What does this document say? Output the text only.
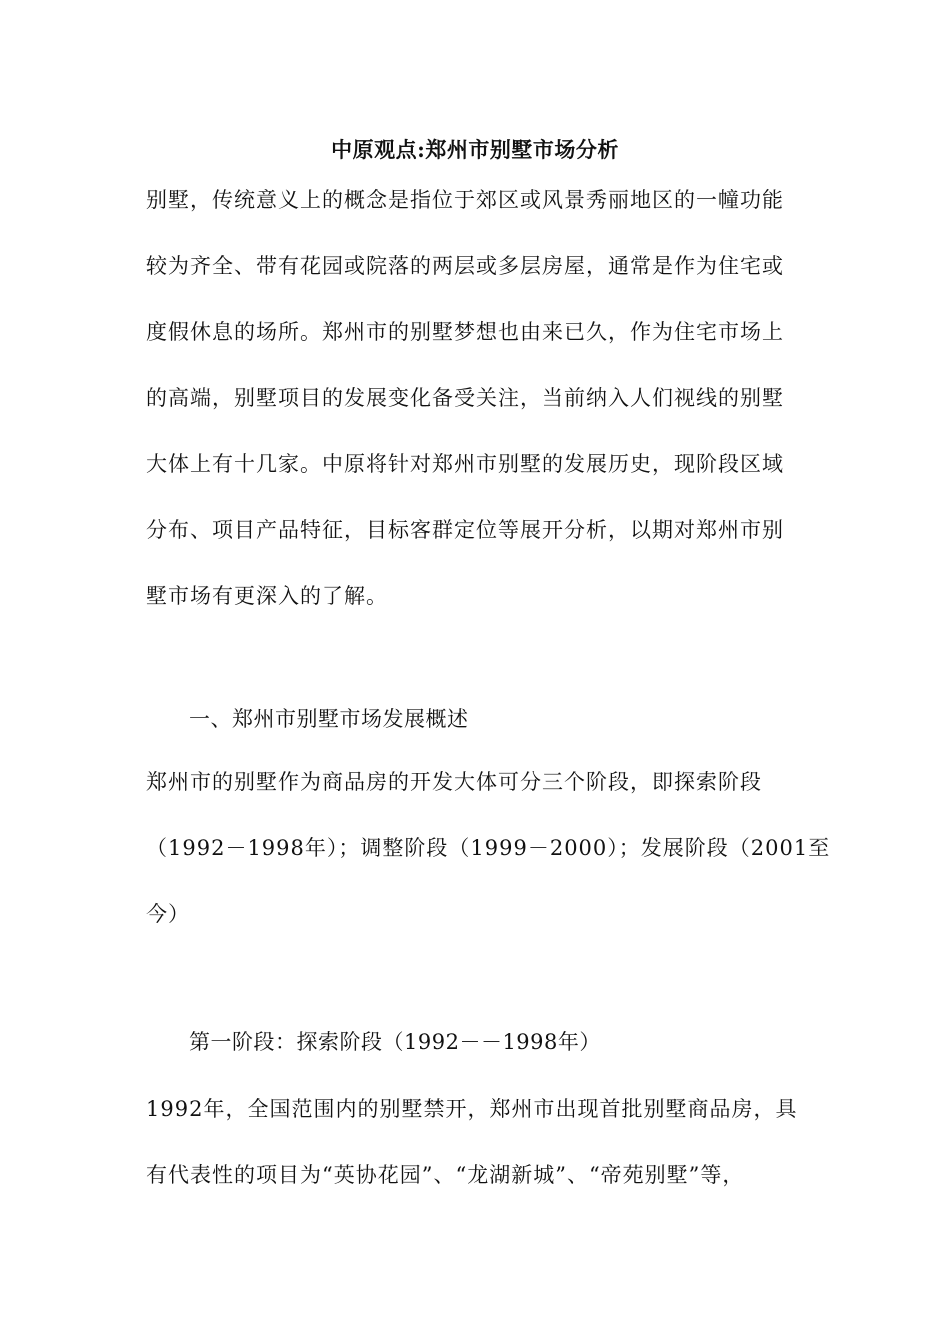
中原观点:郑州市别墅市场分析
别墅，传统意义上的概念是指位于郊区或风景秀丽地区的一幢功能
较为齐全、带有花园或院落的两层或多层房屋，通常是作为住宅或
度假休息的场所。郑州市的别墅梦想也由来已久，作为住宅市场上
的高端，别墅项目的发展变化备受关注，当前纳入人们视线的别墅
大体上有十几家。中原将针对郑州市别墅的发展历史，现阶段区域
分布、项目产品特征，目标客群定位等展开分析，以期对郑州市别
墅市场有更深入的了解。
一、郑州市别墅市场发展概述
郑州市的别墅作为商品房的开发大体可分三个阶段，即探索阶段
（1992－1998年）；调整阶段（1999－2000）；发展阶段（2001至
今）
第一阶段：探索阶段（1992－－1998年）
1992年，全国范围内的别墅禁开，郑州市出现首批别墅商品房，具
有代表性的项目为“英协花园”、“龙湖新城”、“帝苑别墅”等，
